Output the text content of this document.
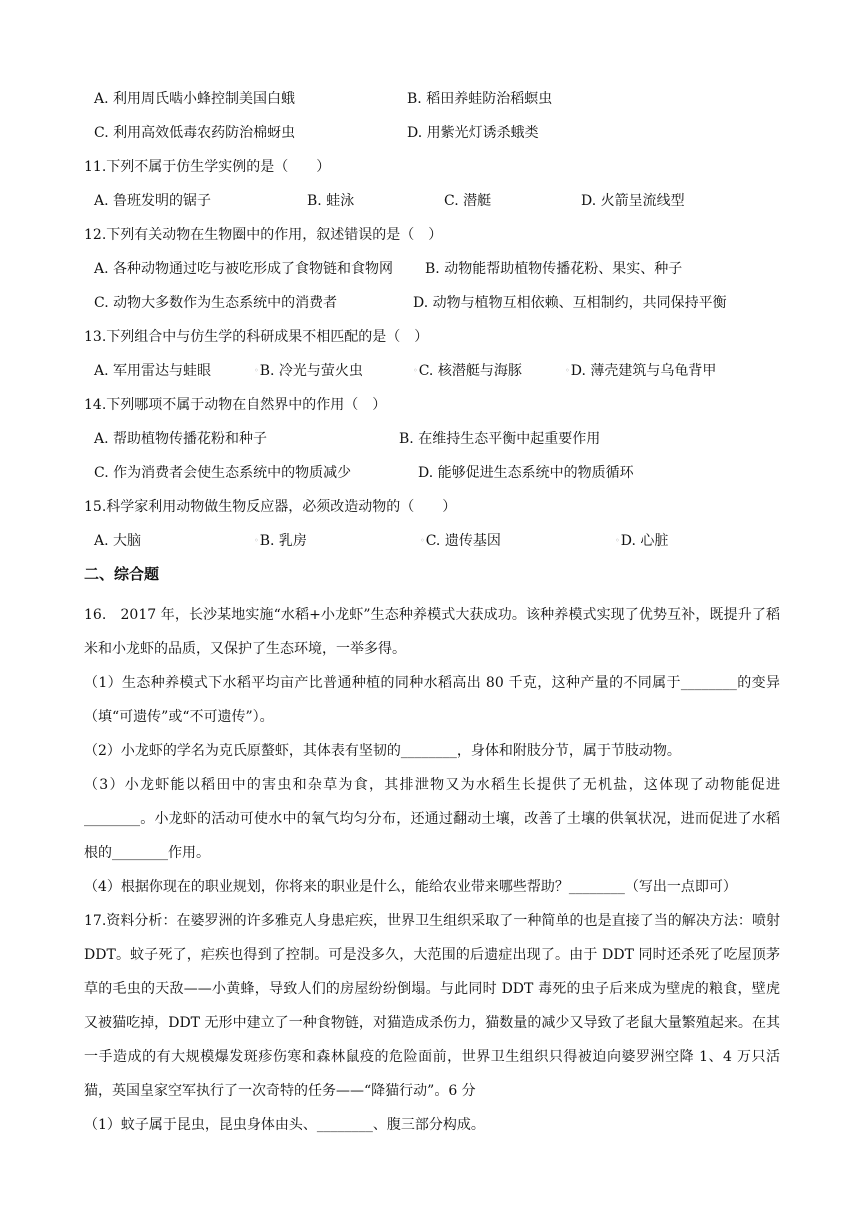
A. 利用周氏啮小蜂控制美国白蛾	B. 稻田养蛙防治稻螟虫
C. 利用高效低毒农药防治棉蚜虫	D. 用紫光灯诱杀蛾类
11.下列不属于仿生学实例的是（　　）
A. 鲁班发明的锯子	B. 蛙泳	C. 潜艇	D. 火箭呈流线型
12.下列有关动物在生物圈中的作用，叙述错误的是（　）
A. 各种动物通过吃与被吃形成了食物链和食物网 B. 动物能帮助植物传播花粉、果实、种子
C. 动物大多数作为生态系统中的消费者	D. 动物与植物互相依赖、互相制约，共同保持平衡
13.下列组合中与仿生学的科研成果不相匹配的是（　）
A. 军用雷达与蛙眼	◦B. 冷光与萤火虫	◦C. 核潜艇与海豚	◦D. 薄壳建筑与乌龟背甲
14.下列哪项不属于动物在自然界中的作用（　）
A. 帮助植物传播花粉和种子	B. 在维持生态平衡中起重要作用
C. 作为消费者会使生态系统中的物质减少	D. 能够促进生态系统中的物质循环
15.科学家利用动物做生物反应器，必须改造动物的（　　）
A. 大脑	◦B. 乳房	◦C. 遗传基因	◦D. 心脏
二、综合题
16.　2017 年，长沙某地实施“水稻+小龙虾”生态种养模式大获成功。该种养模式实现了优势互补，既提升了稻米和小龙虾的品质，又保护了生态环境，一举多得。
（1）生态种养模式下水稻平均亩产比普通种植的同种水稻高出 80 千克，这种产量的不同属于________的变异（填“可遗传”或“不可遗传”）。
（2）小龙虾的学名为克氏原螯虾，其体表有坚韧的________，身体和附肢分节，属于节肢动物。
（3）小龙虾能以稻田中的害虫和杂草为食，其排泄物又为水稻生长提供了无机盐，这体现了动物能促进________。小龙虾的活动可使水中的氧气均匀分布，还通过翻动土壤，改善了土壤的供氧状况，进而促进了水稻根的________作用。
（4）根据你现在的职业规划，你将来的职业是什么，能给农业带来哪些帮助？________（写出一点即可）
17.资料分析：在婆罗洲的许多雅克人身患疟疾，世界卫生组织采取了一种简单的也是直接了当的解决方法：喷射 DDT。蚊子死了，疟疾也得到了控制。可是没多久，大范围的后遗症出现了。由于 DDT 同时还杀死了吃屋顶茅草的毛虫的天敌——小黄蜂，导致人们的房屋纷纷倒塌。与此同时 DDT 毒死的虫子后来成为壁虎的粮食，壁虎又被猫吃掉，DDT 无形中建立了一种食物链，对猫造成杀伤力，猫数量的减少又导致了老鼠大量繁殖起来。在其一手造成的有大规模爆发斑疹伤寒和森林鼠疫的危险面前，世界卫生组织只得被迫向婆罗洲空降 1、4 万只活猫，英国皇家空军执行了一次奇特的任务——“降猫行动”。6 分
（1）蚊子属于昆虫，昆虫身体由头、________、腹三部分构成。
